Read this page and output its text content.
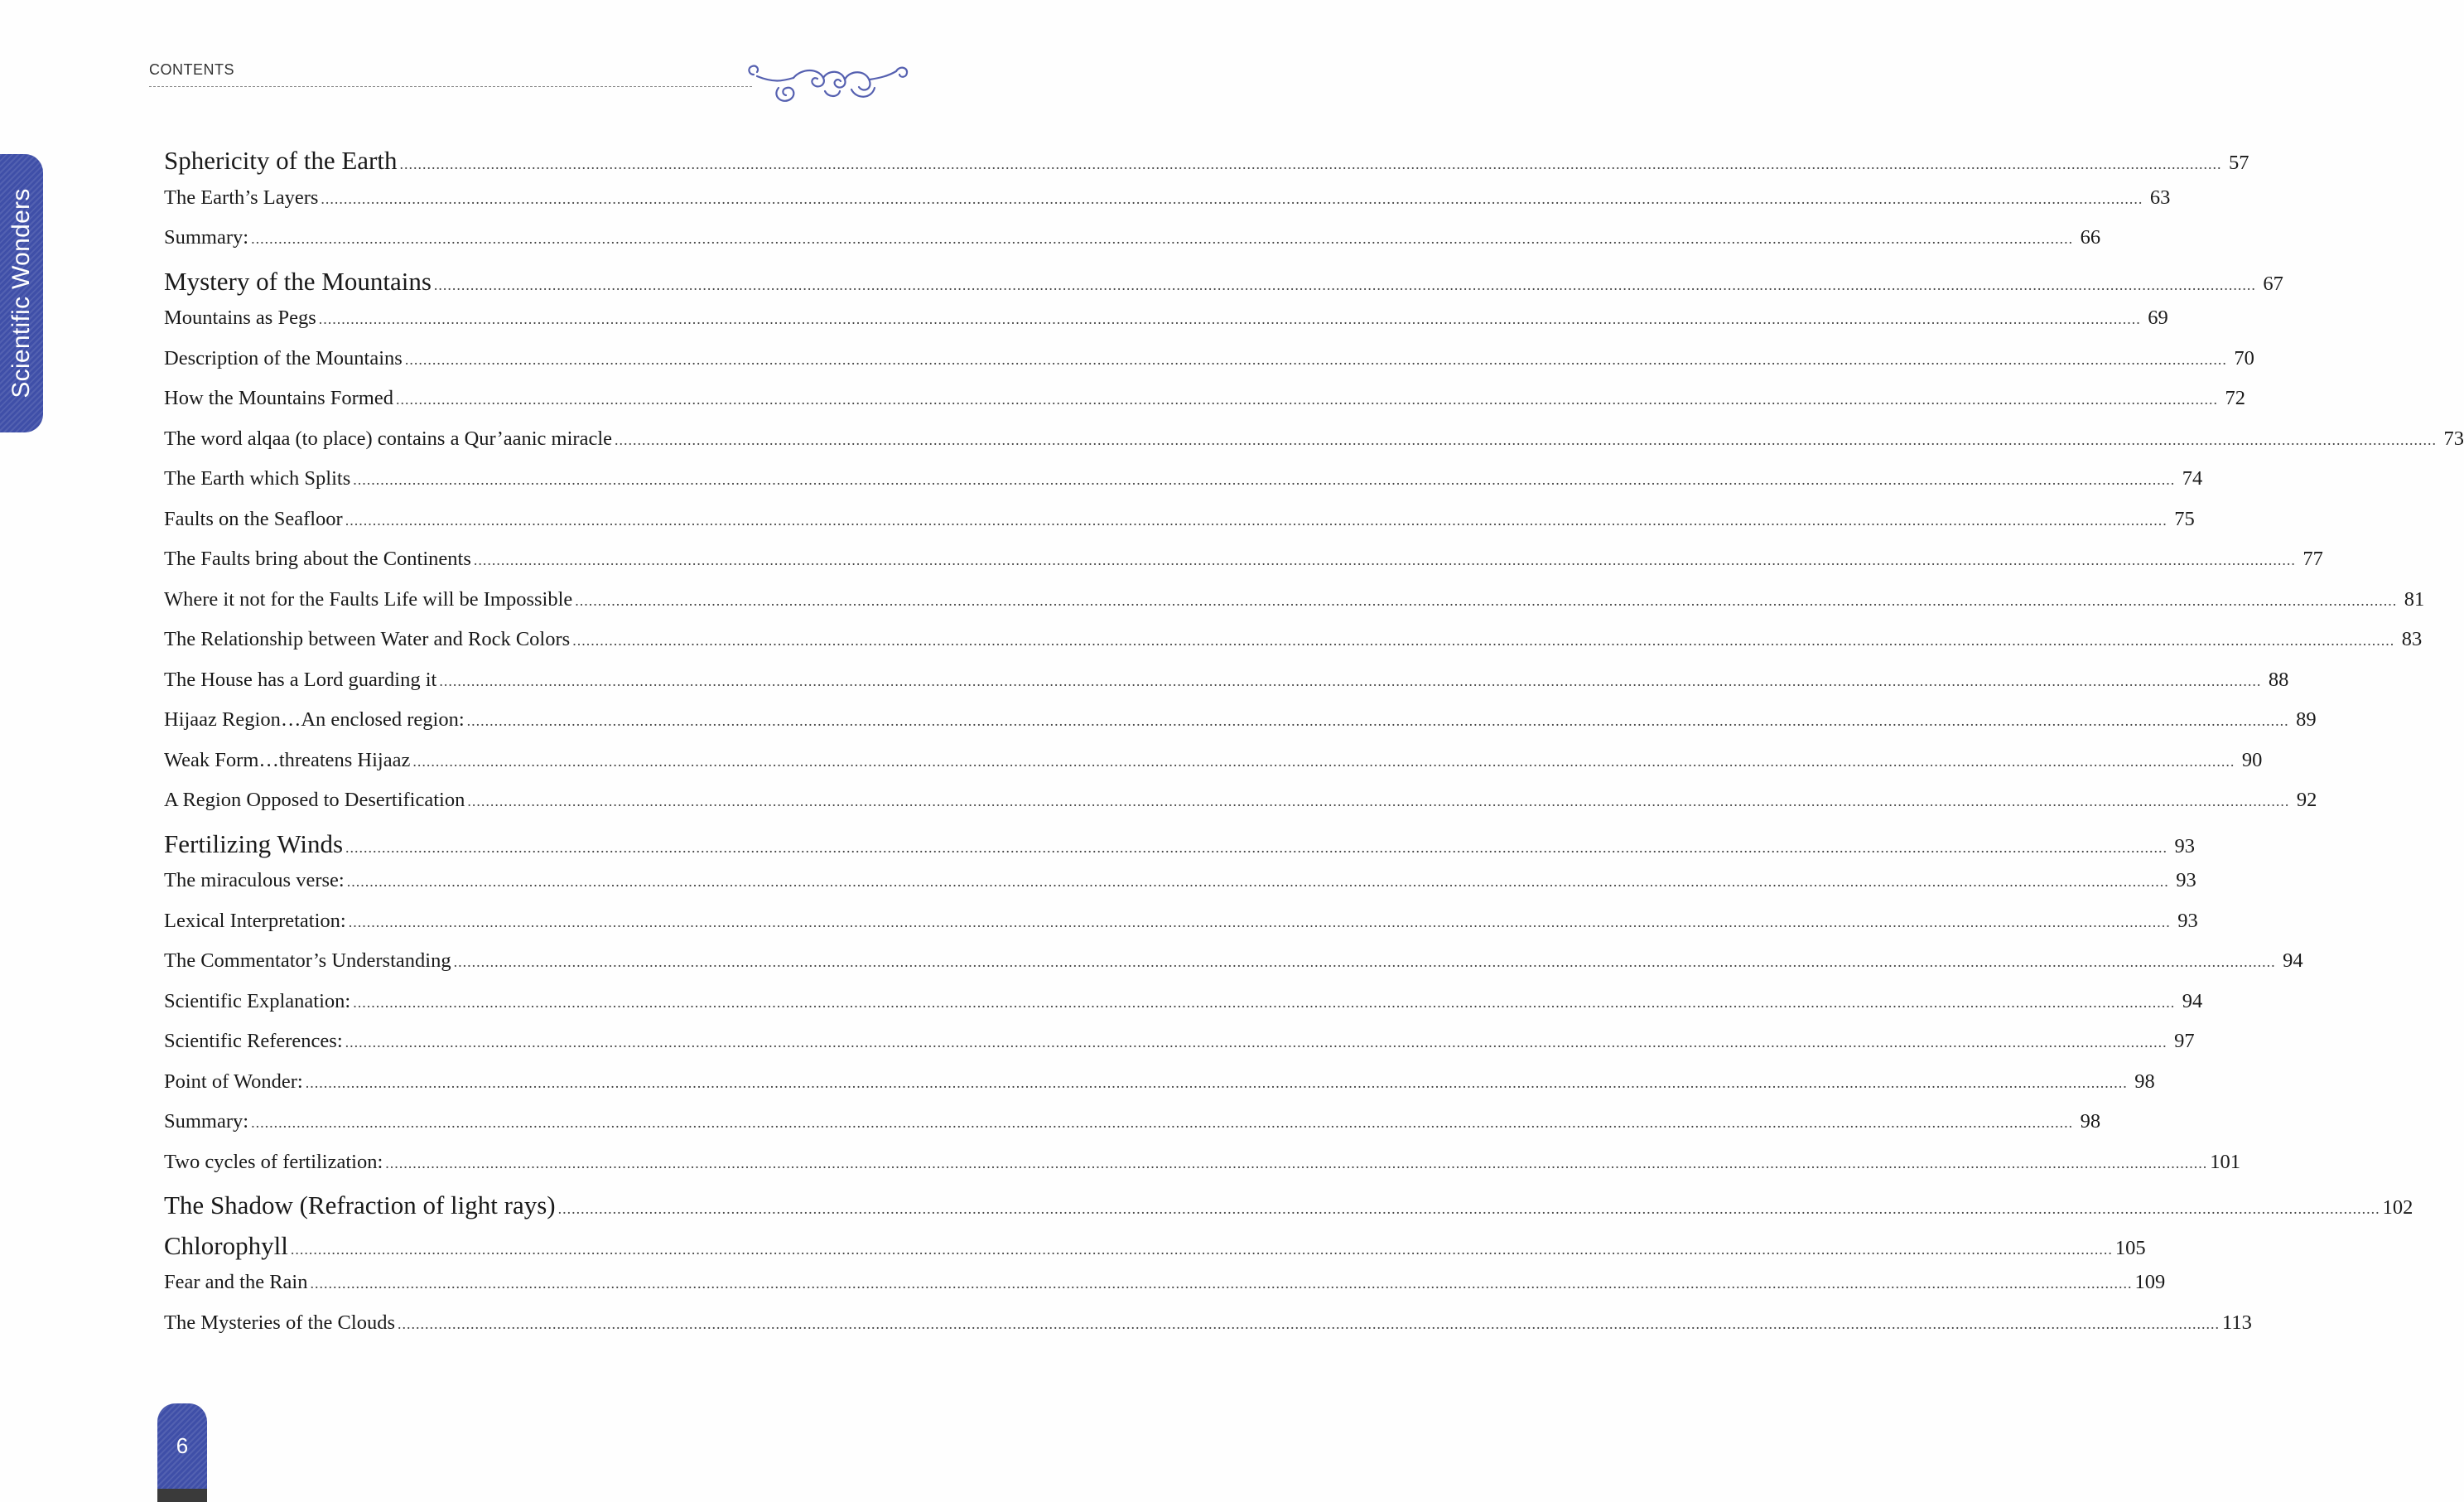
CONTENTS
Scientific Wonders
Sphericity of the Earth ................................................................................................................................................................................................................................................................................................................................................................................................................ 57
The Earth’s Layers ................................................................................................................................................................................................................................................................................................................................................................................................................ 63
Summary: ................................................................................................................................................................................................................................................................................................................................................................................................................ 66
Mystery of the Mountains ................................................................................................................................................................................................................................................................................................................................................................................................................ 67
Mountains as Pegs ................................................................................................................................................................................................................................................................................................................................................................................................................ 69
Description of the Mountains ................................................................................................................................................................................................................................................................................................................................................................................................................ 70
How the Mountains Formed ................................................................................................................................................................................................................................................................................................................................................................................................................ 72
The word alqaa (to place) contains a Qur’aanic miracle ................................................................................................................................................................................................................................................................................................................................................................................................................ 73
The Earth which Splits ................................................................................................................................................................................................................................................................................................................................................................................................................ 74
Faults on the Seafloor ................................................................................................................................................................................................................................................................................................................................................................................................................ 75
The Faults bring about the Continents ................................................................................................................................................................................................................................................................................................................................................................................................................ 77
Where it not for the Faults Life will be Impossible ................................................................................................................................................................................................................................................................................................................................................................................................................ 81
The Relationship between Water and Rock Colors ................................................................................................................................................................................................................................................................................................................................................................................................................ 83
The House has a Lord guarding it ................................................................................................................................................................................................................................................................................................................................................................................................................ 88
Hijaaz Region…An enclosed region: ................................................................................................................................................................................................................................................................................................................................................................................................................ 89
Weak Form…threatens Hijaaz ................................................................................................................................................................................................................................................................................................................................................................................................................ 90
A Region Opposed to Desertification ................................................................................................................................................................................................................................................................................................................................................................................................................ 92
Fertilizing Winds ................................................................................................................................................................................................................................................................................................................................................................................................................ 93
The miraculous verse: ................................................................................................................................................................................................................................................................................................................................................................................................................ 93
Lexical Interpretation: ................................................................................................................................................................................................................................................................................................................................................................................................................ 93
The Commentator’s Understanding ................................................................................................................................................................................................................................................................................................................................................................................................................ 94
Scientific Explanation: ................................................................................................................................................................................................................................................................................................................................................................................................................ 94
Scientific References: ................................................................................................................................................................................................................................................................................................................................................................................................................ 97
Point of Wonder: ................................................................................................................................................................................................................................................................................................................................................................................................................ 98
Summary: ................................................................................................................................................................................................................................................................................................................................................................................................................ 98
Two cycles of fertilization: ................................................................................................................................................................................................................................................................................................................................................................................................................ 101
The Shadow (Refraction of light rays) ................................................................................................................................................................................................................................................................................................................................................................................................................ 102
Chlorophyll ................................................................................................................................................................................................................................................................................................................................................................................................................ 105
Fear and the Rain ................................................................................................................................................................................................................................................................................................................................................................................................................ 109
The Mysteries of the Clouds ................................................................................................................................................................................................................................................................................................................................................................................................................ 113
6
